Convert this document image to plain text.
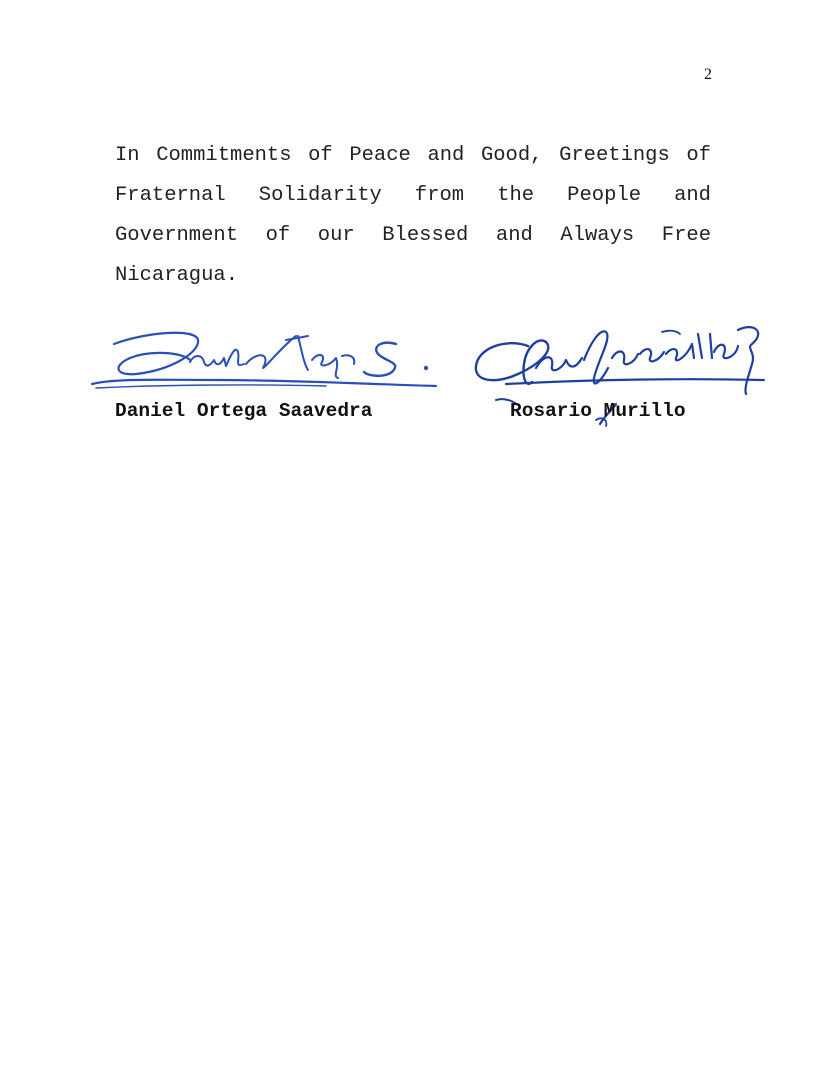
2

In Commitments of Peace and Good, Greetings of Fraternal Solidarity from the People and Government of our Blessed and Always Free Nicaragua.

Daniel Ortega Saavedra	Rosario Murillo
